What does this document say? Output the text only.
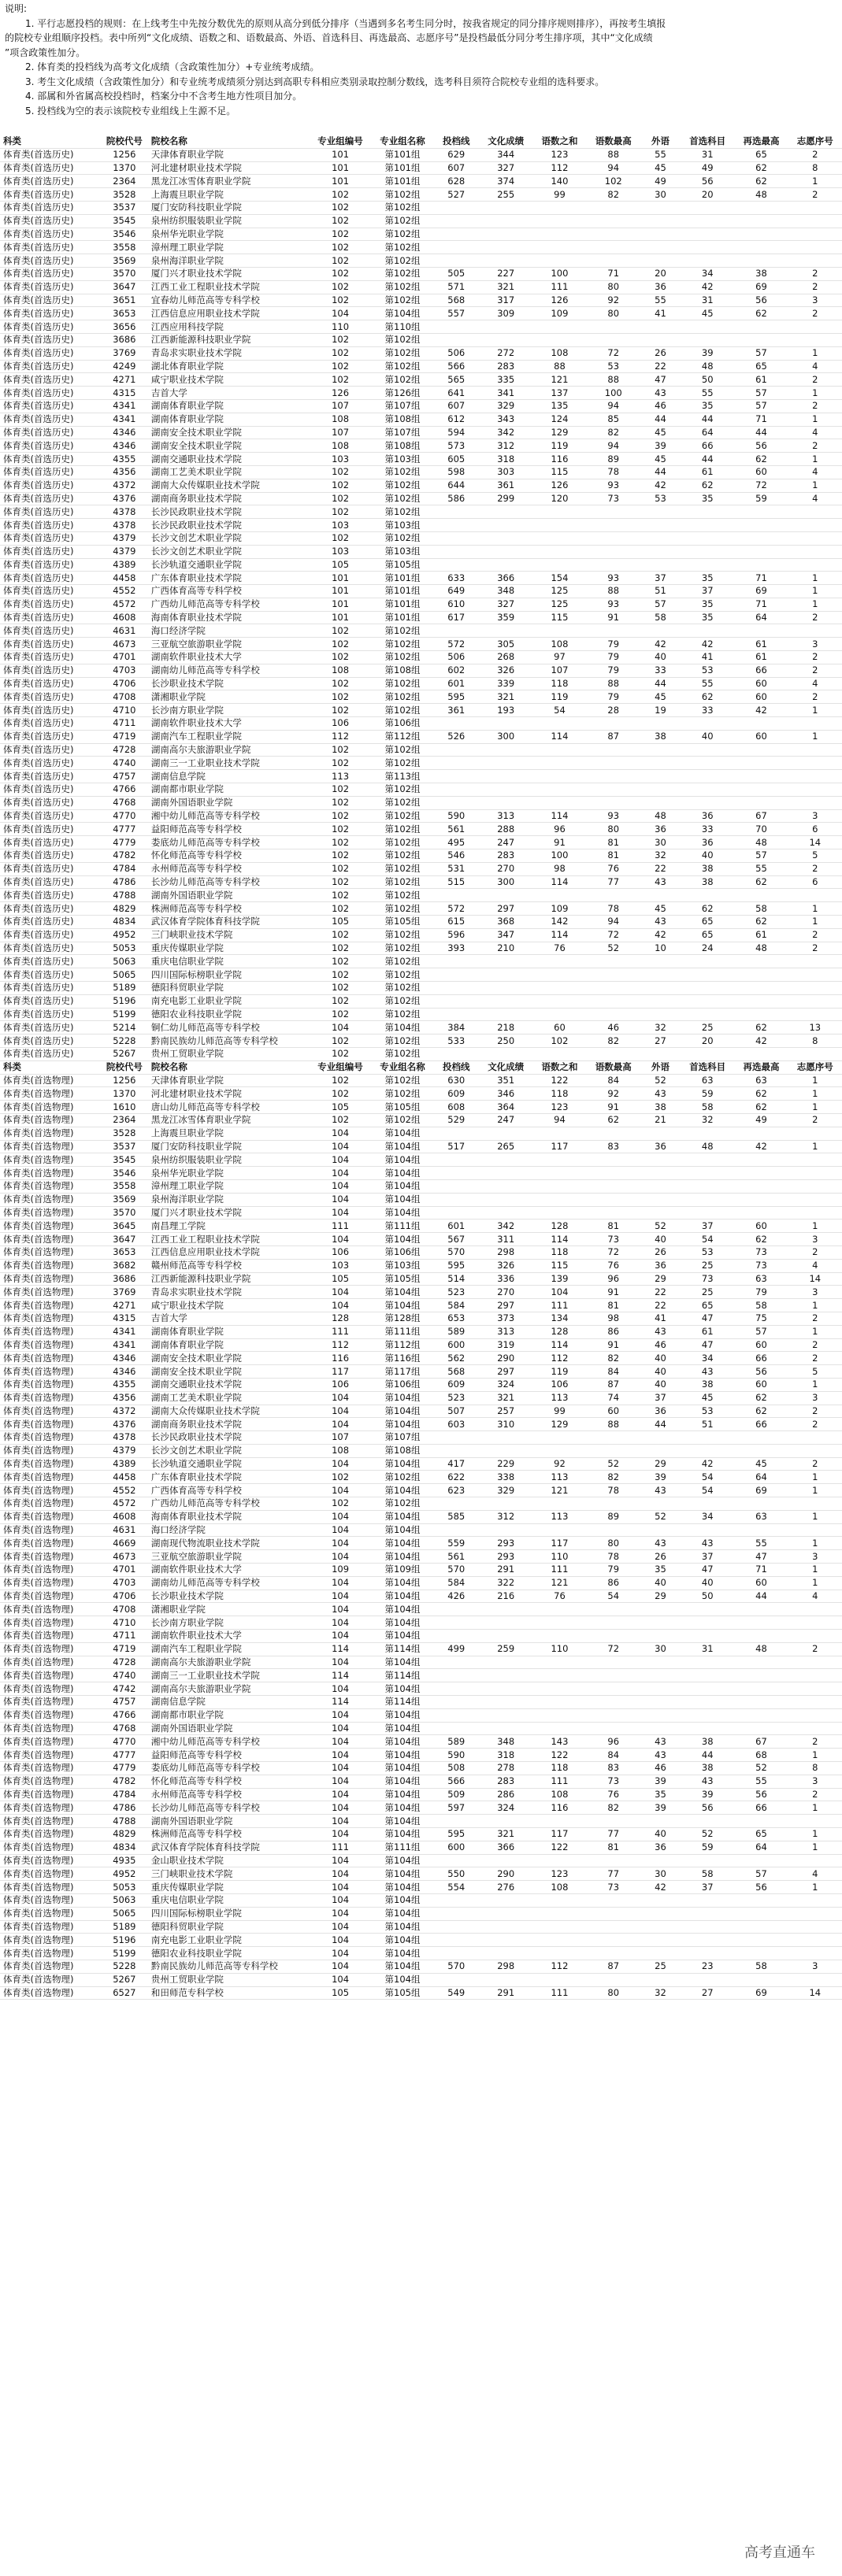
说明:
1. 平行志愿投档的规则：在上线考生中先按分数优先的原则从高分到低分排序（当遇到多名考生同分时，按我省规定的同分排序规则排序），再按考生填报
的院校专业组顺序投档。表中所列“文化成绩、语数之和、语数最高、外语、首选科目、再选最高、志愿序号”是投档最低分同分考生排序项，其中“文化成绩
”项含政策性加分。
2. 体育类的投档线为高考文化成绩（含政策性加分）+专业统考成绩。
3. 考生文化成绩（含政策性加分）和专业统考成绩须分别达到高职专科相应类别录取控制分数线，选考科目须符合院校专业组的选科要求。
4. 部属和外省属高校投档时，档案分中不含考生地方性项目加分。
5. 投档线为空的表示该院校专业组线上生源不足。
科类	院校代号	院校名称	专业组编号	专业组名称	投档线	文化成绩	语数之和	语数最高	外语	首选科目	再选最高	志愿序号
体育类(首选历史)	1256	天津体育职业学院	101	第101组	629	344	123	88	55	31	65	2
体育类(首选历史)	1370	河北建材职业技术学院	101	第101组	607	327	112	94	45	49	62	8
体育类(首选历史)	2364	黑龙江冰雪体育职业学院	101	第101组	628	374	140	102	49	56	62	1
体育类(首选历史)	3528	上海震旦职业学院	102	第102组	527	255	99	82	30	20	48	2
体育类(首选历史)	3537	厦门安防科技职业学院	102	第102组								
体育类(首选历史)	3545	泉州纺织服装职业学院	102	第102组								
体育类(首选历史)	3546	泉州华光职业学院	102	第102组								
体育类(首选历史)	3558	漳州理工职业学院	102	第102组								
体育类(首选历史)	3569	泉州海洋职业学院	102	第102组								
体育类(首选历史)	3570	厦门兴才职业技术学院	102	第102组	505	227	100	71	20	34	38	2
体育类(首选历史)	3647	江西工业工程职业技术学院	102	第102组	571	321	111	80	36	42	69	2
体育类(首选历史)	3651	宜春幼儿师范高等专科学校	102	第102组	568	317	126	92	55	31	56	3
体育类(首选历史)	3653	江西信息应用职业技术学院	104	第104组	557	309	109	80	41	45	62	2
体育类(首选历史)	3656	江西应用科技学院	110	第110组								
体育类(首选历史)	3686	江西新能源科技职业学院	102	第102组								
体育类(首选历史)	3769	青岛求实职业技术学院	102	第102组	506	272	108	72	26	39	57	1
体育类(首选历史)	4249	湖北体育职业学院	102	第102组	566	283	88	53	22	48	65	4
体育类(首选历史)	4271	咸宁职业技术学院	102	第102组	565	335	121	88	47	50	61	2
体育类(首选历史)	4315	吉首大学	126	第126组	641	341	137	100	43	55	57	1
体育类(首选历史)	4341	湖南体育职业学院	107	第107组	607	329	135	94	46	35	57	2
体育类(首选历史)	4341	湖南体育职业学院	108	第108组	612	343	124	85	44	44	71	1
体育类(首选历史)	4346	湖南安全技术职业学院	107	第107组	594	342	129	82	45	64	44	4
体育类(首选历史)	4346	湖南安全技术职业学院	108	第108组	573	312	119	94	39	66	56	2
体育类(首选历史)	4355	湖南交通职业技术学院	103	第103组	605	318	116	89	45	44	62	1
体育类(首选历史)	4356	湖南工艺美术职业学院	102	第102组	598	303	115	78	44	61	60	4
体育类(首选历史)	4372	湖南大众传媒职业技术学院	102	第102组	644	361	126	93	42	62	72	1
体育类(首选历史)	4376	湖南商务职业技术学院	102	第102组	586	299	120	73	53	35	59	4
体育类(首选历史)	4378	长沙民政职业技术学院	102	第102组								
体育类(首选历史)	4378	长沙民政职业技术学院	103	第103组								
体育类(首选历史)	4379	长沙文创艺术职业学院	102	第102组								
体育类(首选历史)	4379	长沙文创艺术职业学院	103	第103组								
体育类(首选历史)	4389	长沙轨道交通职业学院	105	第105组								
体育类(首选历史)	4458	广东体育职业技术学院	101	第101组	633	366	154	93	37	35	71	1
体育类(首选历史)	4552	广西体育高等专科学校	101	第101组	649	348	125	88	51	37	69	1
体育类(首选历史)	4572	广西幼儿师范高等专科学校	101	第101组	610	327	125	93	57	35	71	1
体育类(首选历史)	4608	海南体育职业技术学院	101	第101组	617	359	115	91	58	35	64	2
体育类(首选历史)	4631	海口经济学院	102	第102组								
体育类(首选历史)	4673	三亚航空旅游职业学院	102	第102组	572	305	108	79	42	42	61	3
体育类(首选历史)	4701	湖南软件职业技术大学	102	第102组	506	268	97	79	40	41	61	2
体育类(首选历史)	4703	湖南幼儿师范高等专科学校	108	第108组	602	326	107	79	33	53	66	2
体育类(首选历史)	4706	长沙职业技术学院	102	第102组	601	339	118	88	44	55	60	4
体育类(首选历史)	4708	潇湘职业学院	102	第102组	595	321	119	79	45	62	60	2
体育类(首选历史)	4710	长沙南方职业学院	102	第102组	361	193	54	28	19	33	42	1
体育类(首选历史)	4711	湖南软件职业技术大学	106	第106组								
体育类(首选历史)	4719	湖南汽车工程职业学院	112	第112组	526	300	114	87	38	40	60	1
体育类(首选历史)	4728	湖南高尔夫旅游职业学院	102	第102组								
体育类(首选历史)	4740	湖南三一工业职业技术学院	102	第102组								
体育类(首选历史)	4757	湖南信息学院	113	第113组								
体育类(首选历史)	4766	湖南都市职业学院	102	第102组								
体育类(首选历史)	4768	湖南外国语职业学院	102	第102组								
体育类(首选历史)	4770	湘中幼儿师范高等专科学校	102	第102组	590	313	114	93	48	36	67	3
体育类(首选历史)	4777	益阳师范高等专科学校	102	第102组	561	288	96	80	36	33	70	6
体育类(首选历史)	4779	娄底幼儿师范高等专科学校	102	第102组	495	247	91	81	30	36	48	14
体育类(首选历史)	4782	怀化师范高等专科学校	102	第102组	546	283	100	81	32	40	57	5
体育类(首选历史)	4784	永州师范高等专科学校	102	第102组	531	270	98	76	22	38	55	2
体育类(首选历史)	4786	长沙幼儿师范高等专科学校	102	第102组	515	300	114	77	43	38	62	6
体育类(首选历史)	4788	湖南外国语职业学院	102	第102组								
体育类(首选历史)	4829	株洲师范高等专科学校	102	第102组	572	297	109	78	45	62	58	1
体育类(首选历史)	4834	武汉体育学院体育科技学院	105	第105组	615	368	142	94	43	65	62	1
体育类(首选历史)	4952	三门峡职业技术学院	102	第102组	596	347	114	72	42	65	61	2
体育类(首选历史)	5053	重庆传媒职业学院	102	第102组	393	210	76	52	10	24	48	2
体育类(首选历史)	5063	重庆电信职业学院	102	第102组								
体育类(首选历史)	5065	四川国际标榜职业学院	102	第102组								
体育类(首选历史)	5189	德阳科贸职业学院	102	第102组								
体育类(首选历史)	5196	南充电影工业职业学院	102	第102组								
体育类(首选历史)	5199	德阳农业科技职业学院	102	第102组								
体育类(首选历史)	5214	铜仁幼儿师范高等专科学校	104	第104组	384	218	60	46	32	25	62	13
体育类(首选历史)	5228	黔南民族幼儿师范高等专科学校	102	第102组	533	250	102	82	27	20	42	8
体育类(首选历史)	5267	贵州工贸职业学院	102	第102组								
科类	院校代号	院校名称	专业组编号	专业组名称	投档线	文化成绩	语数之和	语数最高	外语	首选科目	再选最高	志愿序号
体育类(首选物理)	1256	天津体育职业学院	102	第102组	630	351	122	84	52	63	63	1
体育类(首选物理)	1370	河北建材职业技术学院	102	第102组	609	346	118	92	43	59	62	1
体育类(首选物理)	1610	唐山幼儿师范高等专科学校	105	第105组	608	364	123	91	38	58	62	1
体育类(首选物理)	2364	黑龙江冰雪体育职业学院	102	第102组	529	247	94	62	21	32	49	2
体育类(首选物理)	3528	上海震旦职业学院	104	第104组								
体育类(首选物理)	3537	厦门安防科技职业学院	104	第104组	517	265	117	83	36	48	42	1
体育类(首选物理)	3545	泉州纺织服装职业学院	104	第104组								
体育类(首选物理)	3546	泉州华光职业学院	104	第104组								
体育类(首选物理)	3558	漳州理工职业学院	104	第104组								
体育类(首选物理)	3569	泉州海洋职业学院	104	第104组								
体育类(首选物理)	3570	厦门兴才职业技术学院	104	第104组								
体育类(首选物理)	3645	南昌理工学院	111	第111组	601	342	128	81	52	37	60	1
体育类(首选物理)	3647	江西工业工程职业技术学院	104	第104组	567	311	114	73	40	54	62	3
体育类(首选物理)	3653	江西信息应用职业技术学院	106	第106组	570	298	118	72	26	53	73	2
体育类(首选物理)	3682	赣州师范高等专科学校	103	第103组	595	326	115	76	36	25	73	4
体育类(首选物理)	3686	江西新能源科技职业学院	105	第105组	514	336	139	96	29	73	63	14
体育类(首选物理)	3769	青岛求实职业技术学院	104	第104组	523	270	104	91	22	25	79	3
体育类(首选物理)	4271	咸宁职业技术学院	104	第104组	584	297	111	81	22	65	58	1
体育类(首选物理)	4315	吉首大学	128	第128组	653	373	134	98	41	47	75	2
体育类(首选物理)	4341	湖南体育职业学院	111	第111组	589	313	128	86	43	61	57	1
体育类(首选物理)	4341	湖南体育职业学院	112	第112组	600	319	114	91	46	47	60	2
体育类(首选物理)	4346	湖南安全技术职业学院	116	第116组	562	290	112	82	40	34	66	2
体育类(首选物理)	4346	湖南安全技术职业学院	117	第117组	568	297	119	84	40	43	56	5
体育类(首选物理)	4355	湖南交通职业技术学院	106	第106组	609	324	106	87	40	38	60	1
体育类(首选物理)	4356	湖南工艺美术职业学院	104	第104组	523	321	113	74	37	45	62	3
体育类(首选物理)	4372	湖南大众传媒职业技术学院	104	第104组	507	257	99	60	36	53	62	2
体育类(首选物理)	4376	湖南商务职业技术学院	104	第104组	603	310	129	88	44	51	66	2
体育类(首选物理)	4378	长沙民政职业技术学院	107	第107组								
体育类(首选物理)	4379	长沙文创艺术职业学院	108	第108组								
体育类(首选物理)	4389	长沙轨道交通职业学院	104	第104组	417	229	92	52	29	42	45	2
体育类(首选物理)	4458	广东体育职业技术学院	102	第102组	622	338	113	82	39	54	64	1
体育类(首选物理)	4552	广西体育高等专科学校	104	第104组	623	329	121	78	43	54	69	1
体育类(首选物理)	4572	广西幼儿师范高等专科学校	102	第102组								
体育类(首选物理)	4608	海南体育职业技术学院	104	第104组	585	312	113	89	52	34	63	1
体育类(首选物理)	4631	海口经济学院	104	第104组								
体育类(首选物理)	4669	湖南现代物流职业技术学院	104	第104组	559	293	117	80	43	43	55	1
体育类(首选物理)	4673	三亚航空旅游职业学院	104	第104组	561	293	110	78	26	37	47	3
体育类(首选物理)	4701	湖南软件职业技术大学	109	第109组	570	291	111	79	35	47	71	1
体育类(首选物理)	4703	湖南幼儿师范高等专科学校	104	第104组	584	322	121	86	40	40	60	1
体育类(首选物理)	4706	长沙职业技术学院	104	第104组	426	216	76	54	29	50	44	4
体育类(首选物理)	4708	潇湘职业学院	104	第104组								
体育类(首选物理)	4710	长沙南方职业学院	104	第104组								
体育类(首选物理)	4711	湖南软件职业技术大学	104	第104组								
体育类(首选物理)	4719	湖南汽车工程职业学院	114	第114组	499	259	110	72	30	31	48	2
体育类(首选物理)	4728	湖南高尔夫旅游职业学院	104	第104组								
体育类(首选物理)	4740	湖南三一工业职业技术学院	114	第114组								
体育类(首选物理)	4742	湖南高尔夫旅游职业学院	104	第104组								
体育类(首选物理)	4757	湖南信息学院	114	第114组								
体育类(首选物理)	4766	湖南都市职业学院	104	第104组								
体育类(首选物理)	4768	湖南外国语职业学院	104	第104组								
体育类(首选物理)	4770	湘中幼儿师范高等专科学校	104	第104组	589	348	143	96	43	38	67	2
体育类(首选物理)	4777	益阳师范高等专科学校	104	第104组	590	318	122	84	43	44	68	1
体育类(首选物理)	4779	娄底幼儿师范高等专科学校	104	第104组	508	278	118	83	46	38	52	8
体育类(首选物理)	4782	怀化师范高等专科学校	104	第104组	566	283	111	73	39	43	55	3
体育类(首选物理)	4784	永州师范高等专科学校	104	第104组	509	286	108	76	35	39	56	2
体育类(首选物理)	4786	长沙幼儿师范高等专科学校	104	第104组	597	324	116	82	39	56	66	1
体育类(首选物理)	4788	湖南外国语职业学院	104	第104组								
体育类(首选物理)	4829	株洲师范高等专科学校	104	第104组	595	321	117	77	40	52	65	1
体育类(首选物理)	4834	武汉体育学院体育科技学院	111	第111组	600	366	122	81	36	59	64	1
体育类(首选物理)	4935	金山职业技术学院	104	第104组								
体育类(首选物理)	4952	三门峡职业技术学院	104	第104组	550	290	123	77	30	58	57	4
体育类(首选物理)	5053	重庆传媒职业学院	104	第104组	554	276	108	73	42	37	56	1
体育类(首选物理)	5063	重庆电信职业学院	104	第104组								
体育类(首选物理)	5065	四川国际标榜职业学院	104	第104组								
体育类(首选物理)	5189	德阳科贸职业学院	104	第104组								
体育类(首选物理)	5196	南充电影工业职业学院	104	第104组								
体育类(首选物理)	5199	德阳农业科技职业学院	104	第104组								
体育类(首选物理)	5228	黔南民族幼儿师范高等专科学校	104	第104组	570	298	112	87	25	23	58	3
体育类(首选物理)	5267	贵州工贸职业学院	104	第104组								
体育类(首选物理)	6527	和田师范专科学校	105	第105组	549	291	111	80	32	27	69	14
高考直通车
